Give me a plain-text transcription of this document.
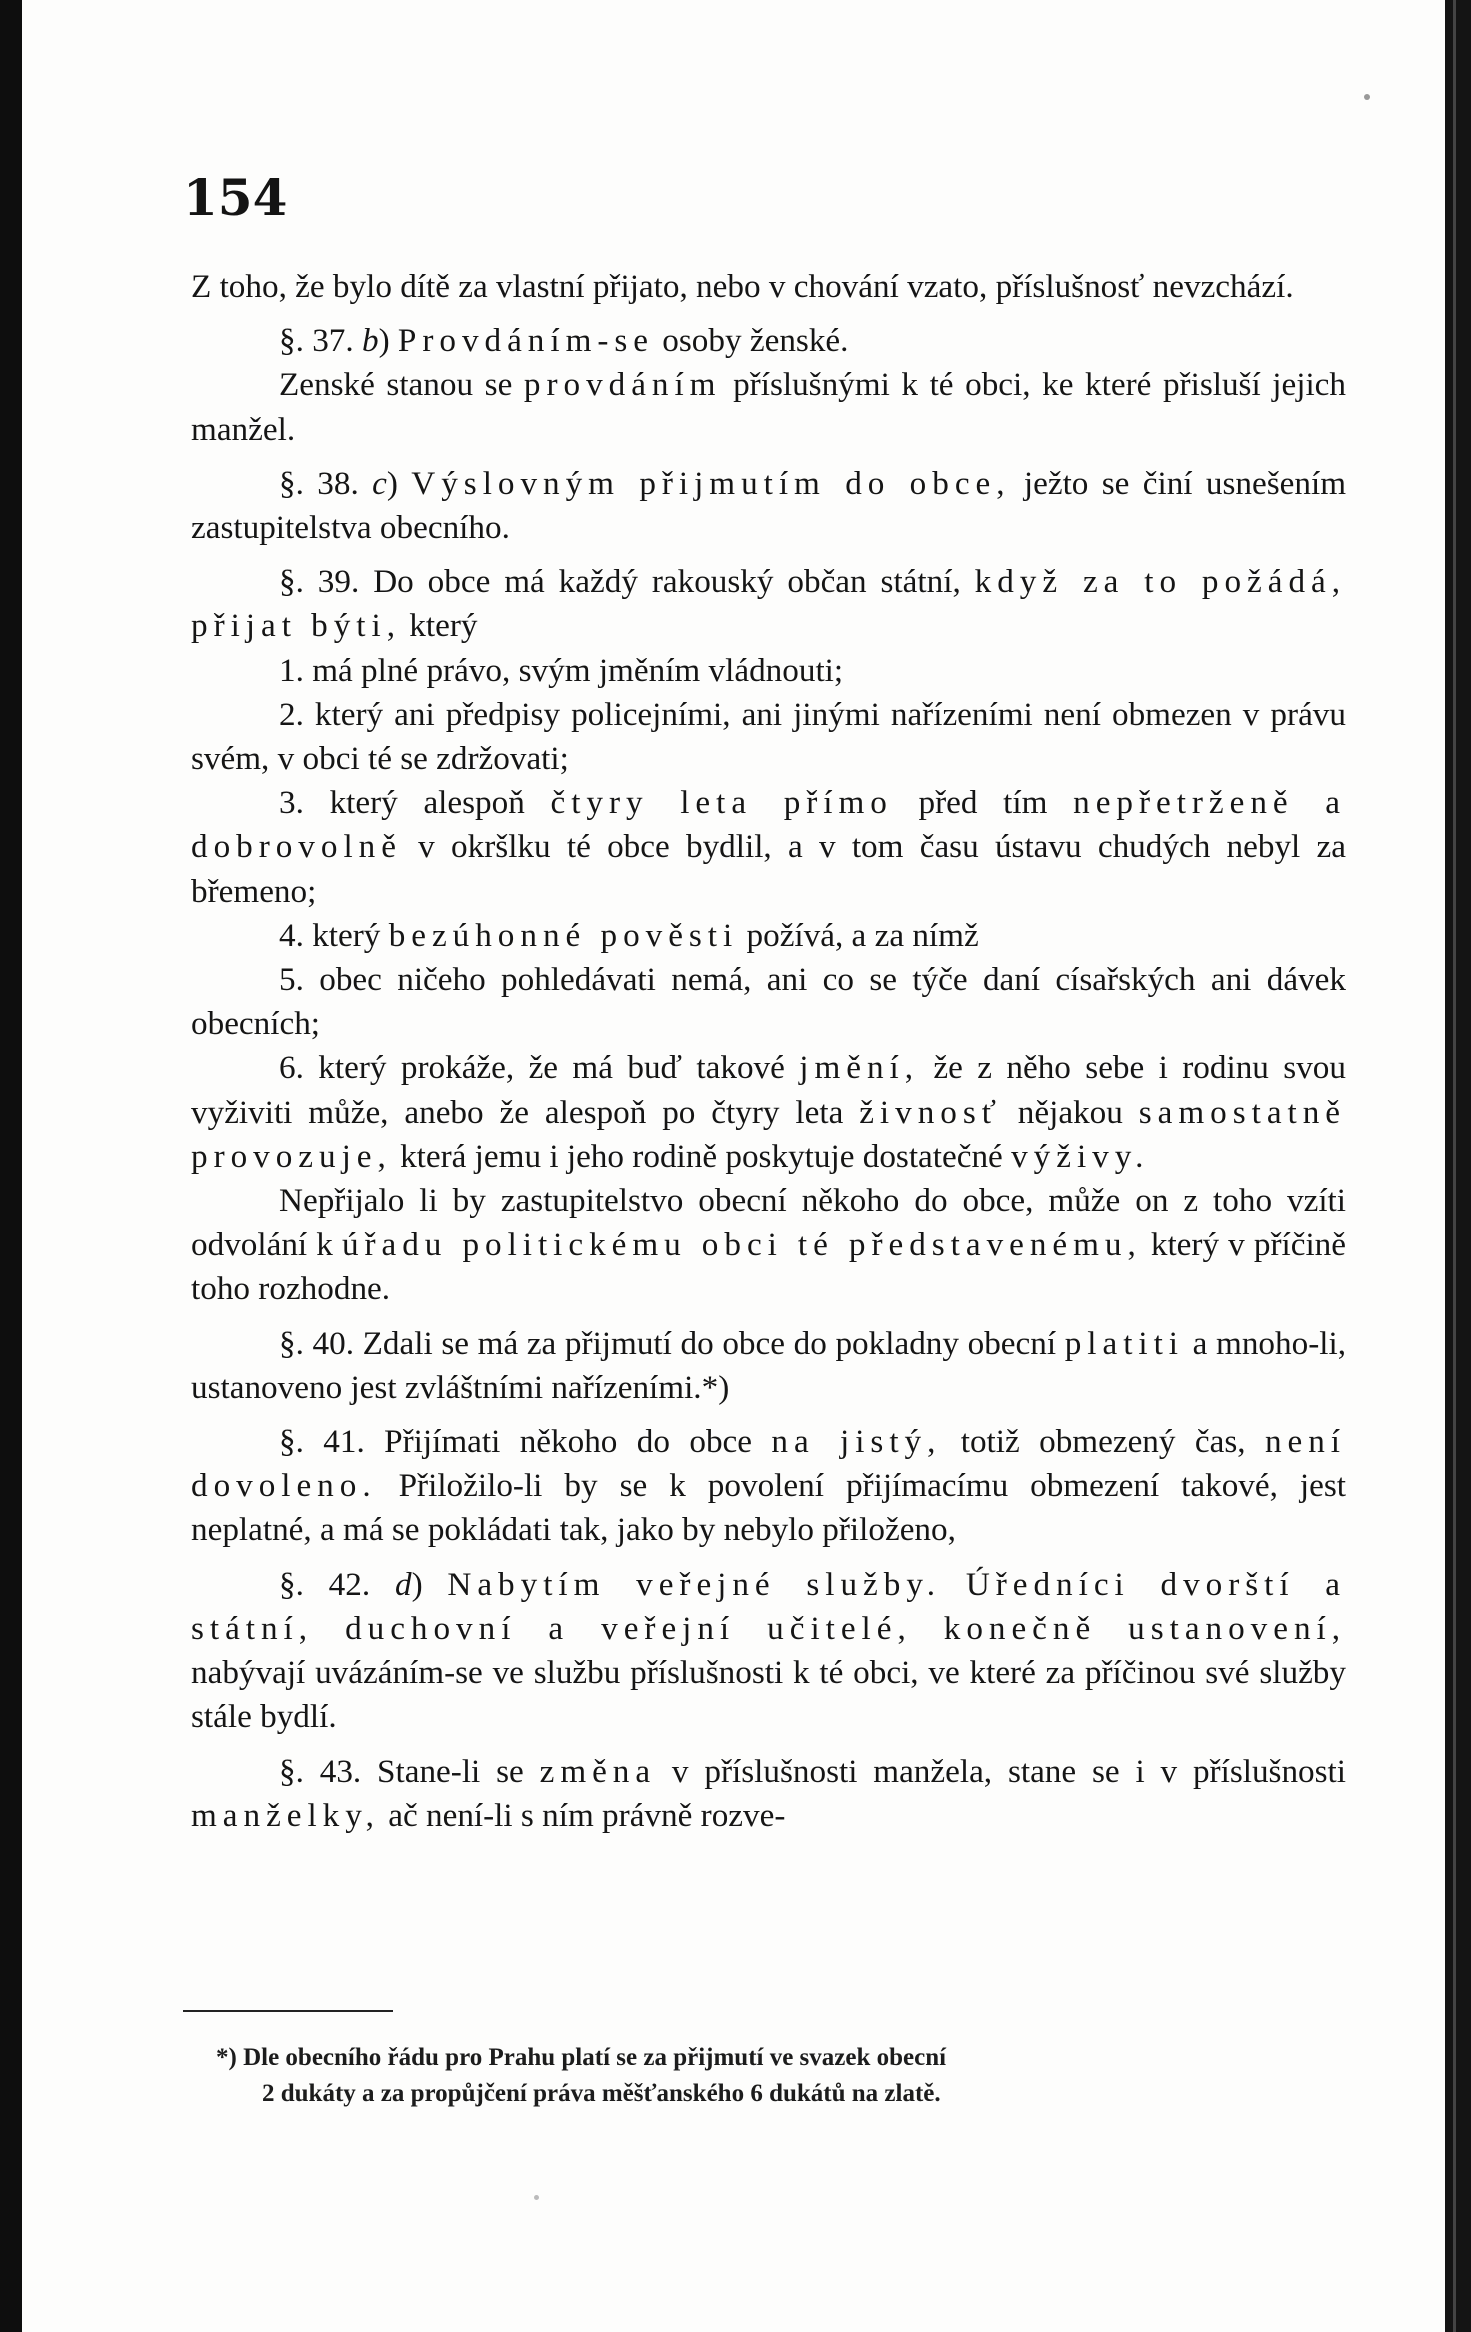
154

Z toho, že bylo dítě za vlastní přijato, nebo v chování vzato, příslušnosť nevzchází.

§. 37. b) Provdáním-se osoby ženské.

Zenské stanou se provdáním příslušnými k té obci, ke které přisluší jejich manžel.

§. 38. c) Výslovným přijmutím do obce, ježto se činí usnešením zastupitelstva obecního.

§. 39. Do obce má každý rakouský občan státní, když za to požádá, přijat býti, který

1. má plné právo, svým jměním vládnouti;

2. který ani předpisy policejními, ani jinými nařízeními není obmezen v právu svém, v obci té se zdržovati;

3. který alespoň čtyry leta přímo před tím nepřetrženě a dobrovolně v okršlku té obce bydlil, a v tom času ústavu chudých nebyl za břemeno;

4. který bezúhonné pověsti požívá, a za nímž

5. obec ničeho pohledávati nemá, ani co se týče daní císařských ani dávek obecních;

6. který prokáže, že má buď takové jmění, že z něho sebe i rodinu svou vyživiti může, anebo že alespoň po čtyry leta živnosť nějakou samostatně provozuje, která jemu i jeho rodině poskytuje dostatečné výživy.

Nepřijalo li by zastupitelstvo obecní někoho do obce, může on z toho vzíti odvolání k úřadu politickému obci té představenému, který v příčině toho rozhodne.

§. 40. Zdali se má za přijmutí do obce do pokladny obecní platiti a mnoho-li, ustanoveno jest zvláštními nařízeními.*)

§. 41. Přijímati někoho do obce na jistý, totiž obmezený čas, není dovoleno. Přiložilo-li by se k povolení přijímacímu obmezení takové, jest neplatné, a má se pokládati tak, jako by nebylo přiloženo,

§. 42. d) Nabytím veřejné služby. Úředníci dvorští a státní, duchovní a veřejní učitelé, konečně ustanovení, nabývají uvázáním-se ve službu příslušnosti k té obci, ve které za příčinou své služby stále bydlí.

§. 43. Stane-li se změna v příslušnosti manžela, stane se i v příslušnosti manželky, ač není-li s ním právně rozve-

*) Dle obecního řádu pro Prahu platí se za přijmutí ve svazek obecní

2 dukáty a za propůjčení práva měšťanského 6 dukátů na zlatě.
